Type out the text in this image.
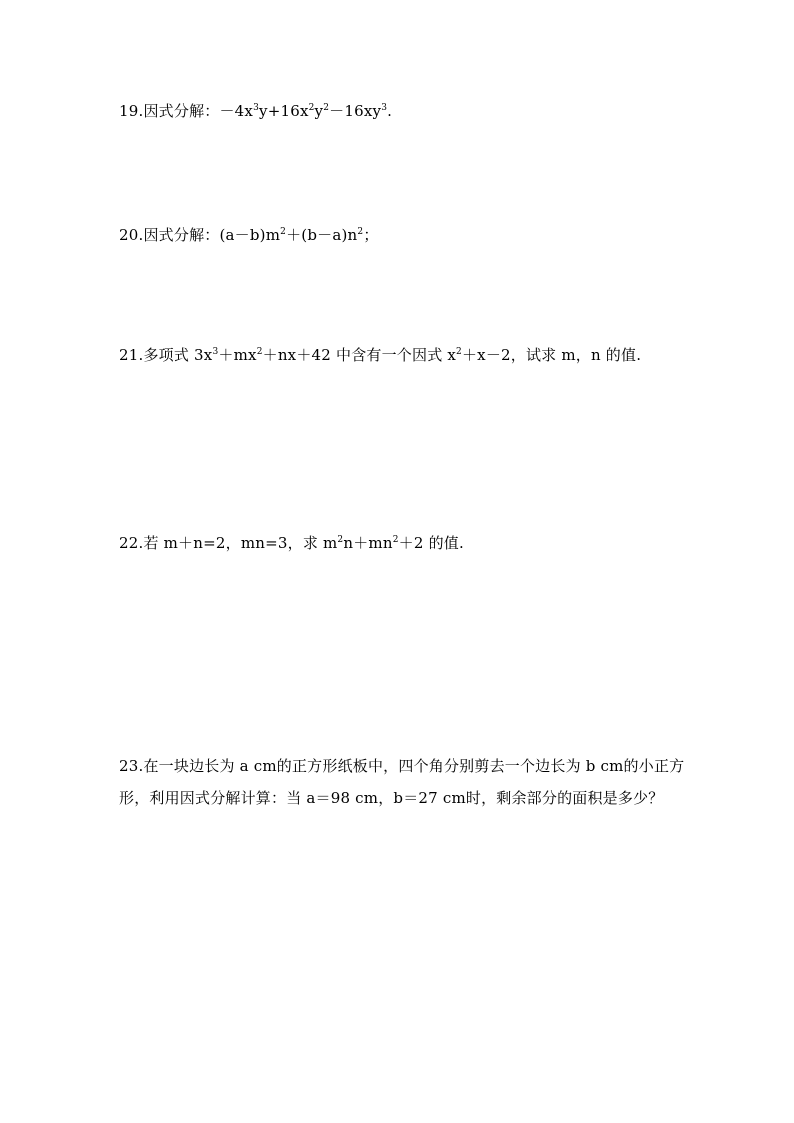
19.因式分解：$-4x^3y+16x^2y^2-16xy^3$.
20.因式分解：$(a-b)m^2+(b-a)n^2$；
21.多项式 $3x^3+mx^2+nx+42$ 中含有一个因式 $x^2+x-2$，试求 m，n 的值.
22.若 m＋n=2，mn=3，求 $m^2n+mn^2+2$ 的值.
23.在一块边长为 a cm的正方形纸板中，四个角分别剪去一个边长为 b cm的小正方形，利用因式分解计算：当 a＝98 cm，b＝27 cm时，剩余部分的面积是多少？
